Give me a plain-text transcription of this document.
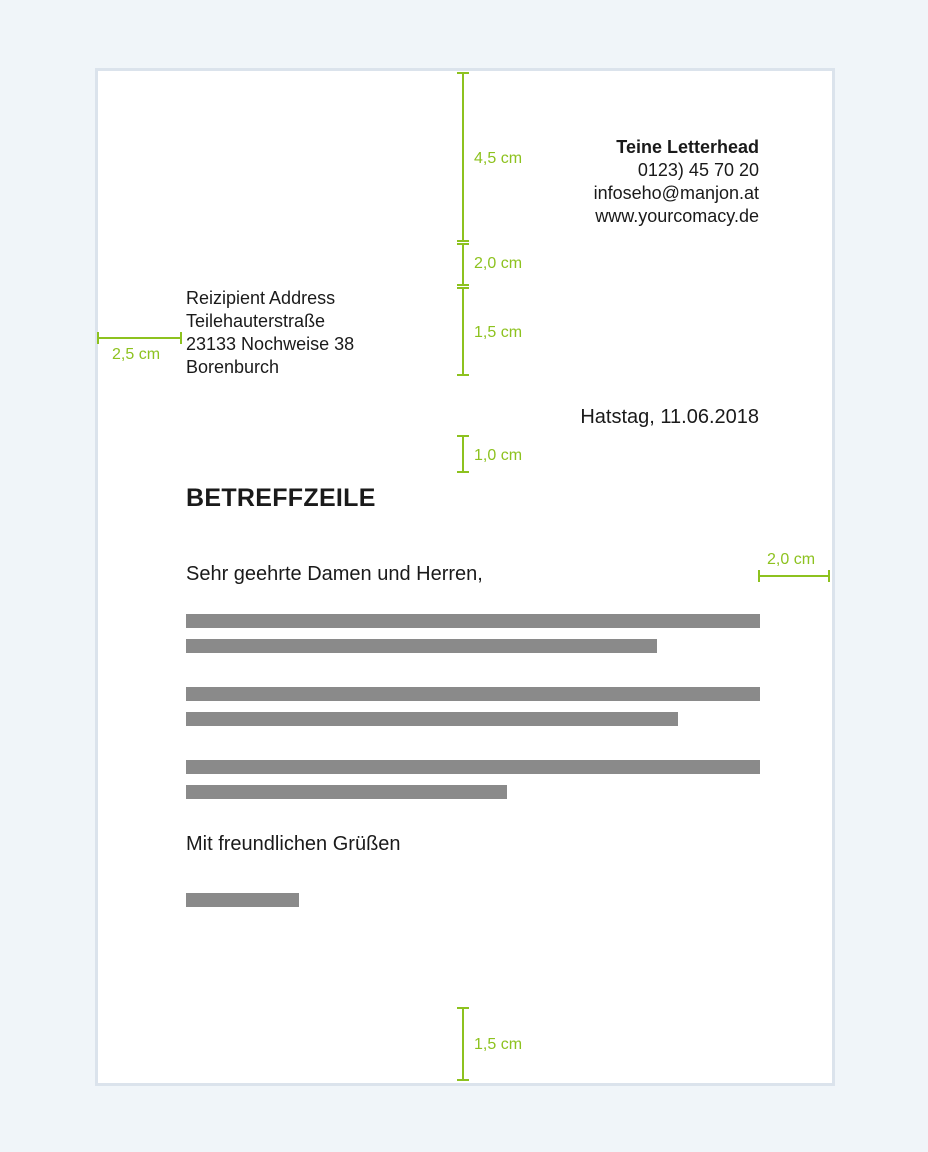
4,5 cm
2,0 cm
1,5 cm
2,5 cm
1,0 cm
2,0 cm
1,5 cm
Teine Letterhead
0123) 45 70 20
infoseho@manjon.at
www.yourcomacy.de
Reizipient Address
Teilehauterstraße
23133 Nochweise 38
Borenburch
Hatstag, 11.06.2018
BETREFFZEILE
Sehr geehrte Damen und Herren,
Mit freundlichen Grüßen
